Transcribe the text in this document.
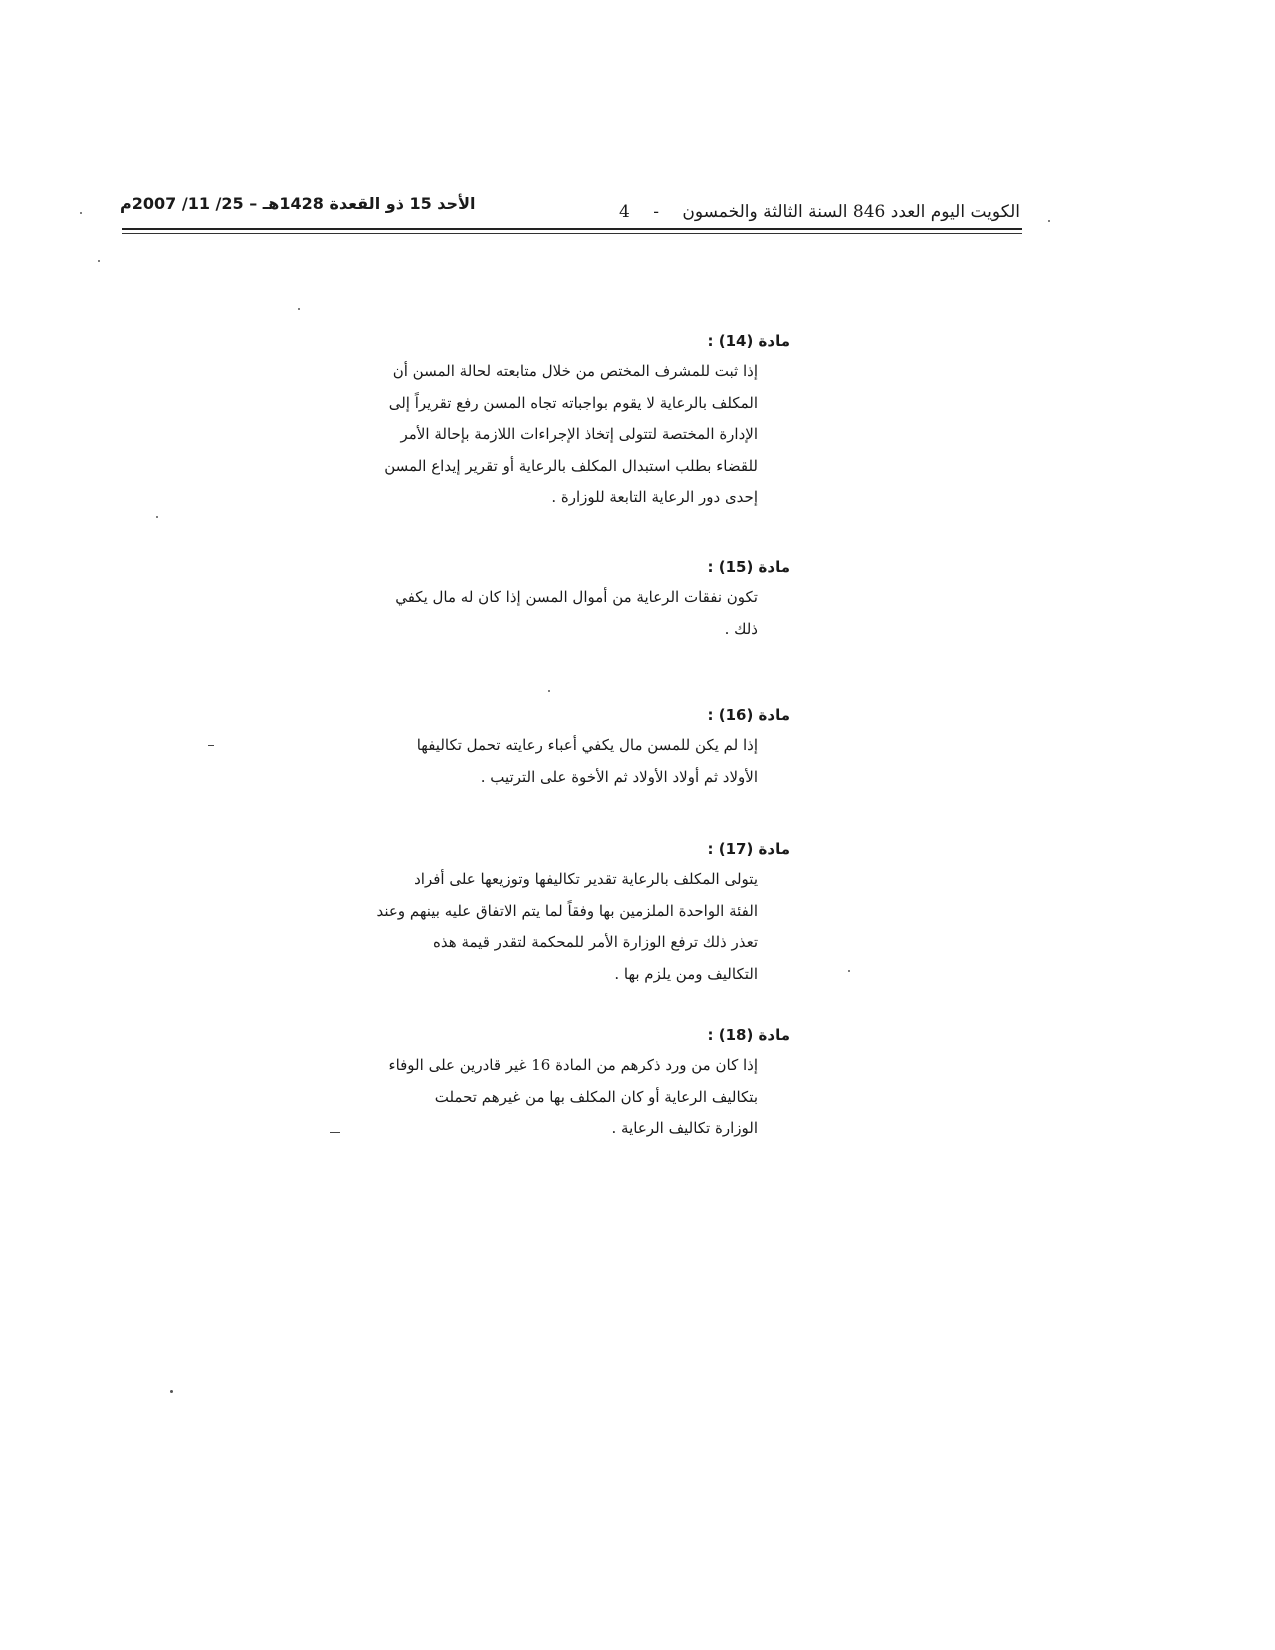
الكويت اليوم العدد 846 السنة الثالثة والخمسون - 4
الأحد 15 ذو القعدة 1428هـ – 25/ 11/ 2007م
مادة (14) :
إذا ثبت للمشرف المختص من خلال متابعته لحالة المسن أن
المكلف بالرعاية لا يقوم بواجباته تجاه المسن رفع تقريراً إلى
الإدارة المختصة لتتولى إتخاذ الإجراءات اللازمة بإحالة الأمر
للقضاء بطلب استبدال المكلف بالرعاية أو تقرير إيداع المسن
إحدى دور الرعاية التابعة للوزارة .
مادة (15) :
تكون نفقات الرعاية من أموال المسن إذا كان له مال يكفي
ذلك .
مادة (16) :
إذا لم يكن للمسن مال يكفي أعباء رعايته تحمل تكاليفها
الأولاد ثم أولاد الأولاد ثم الأخوة على الترتيب .
مادة (17) :
يتولى المكلف بالرعاية تقدير تكاليفها وتوزيعها على أفراد
الفئة الواحدة الملزمين بها وفقاً لما يتم الاتفاق عليه بينهم وعند
تعذر ذلك ترفع الوزارة الأمر للمحكمة لتقدر قيمة هذه
التكاليف ومن يلزم بها .
مادة (18) :
إذا كان من ورد ذكرهم من المادة 16 غير قادرين على الوفاء
بتكاليف الرعاية أو كان المكلف بها من غيرهم تحملت
الوزارة تكاليف الرعاية .
